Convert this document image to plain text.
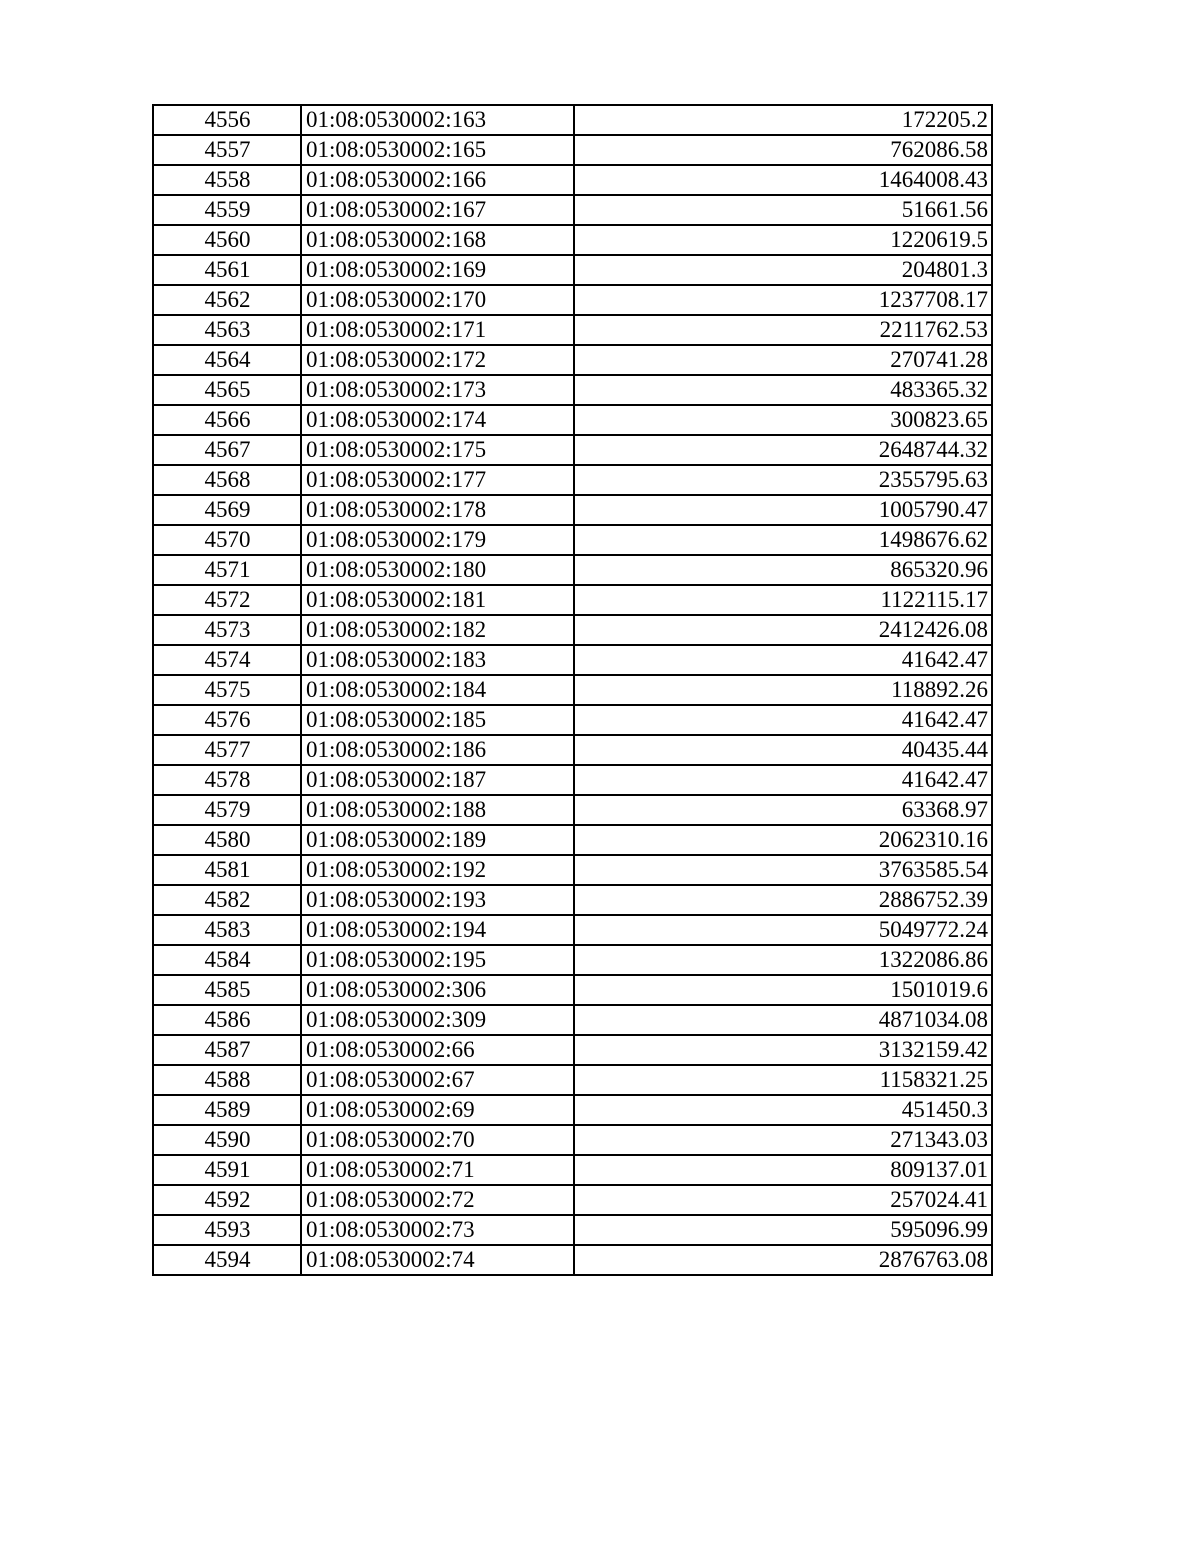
4556	01:08:0530002:163	172205.2
4557	01:08:0530002:165	762086.58
4558	01:08:0530002:166	1464008.43
4559	01:08:0530002:167	51661.56
4560	01:08:0530002:168	1220619.5
4561	01:08:0530002:169	204801.3
4562	01:08:0530002:170	1237708.17
4563	01:08:0530002:171	2211762.53
4564	01:08:0530002:172	270741.28
4565	01:08:0530002:173	483365.32
4566	01:08:0530002:174	300823.65
4567	01:08:0530002:175	2648744.32
4568	01:08:0530002:177	2355795.63
4569	01:08:0530002:178	1005790.47
4570	01:08:0530002:179	1498676.62
4571	01:08:0530002:180	865320.96
4572	01:08:0530002:181	1122115.17
4573	01:08:0530002:182	2412426.08
4574	01:08:0530002:183	41642.47
4575	01:08:0530002:184	118892.26
4576	01:08:0530002:185	41642.47
4577	01:08:0530002:186	40435.44
4578	01:08:0530002:187	41642.47
4579	01:08:0530002:188	63368.97
4580	01:08:0530002:189	2062310.16
4581	01:08:0530002:192	3763585.54
4582	01:08:0530002:193	2886752.39
4583	01:08:0530002:194	5049772.24
4584	01:08:0530002:195	1322086.86
4585	01:08:0530002:306	1501019.6
4586	01:08:0530002:309	4871034.08
4587	01:08:0530002:66	3132159.42
4588	01:08:0530002:67	1158321.25
4589	01:08:0530002:69	451450.3
4590	01:08:0530002:70	271343.03
4591	01:08:0530002:71	809137.01
4592	01:08:0530002:72	257024.41
4593	01:08:0530002:73	595096.99
4594	01:08:0530002:74	2876763.08
